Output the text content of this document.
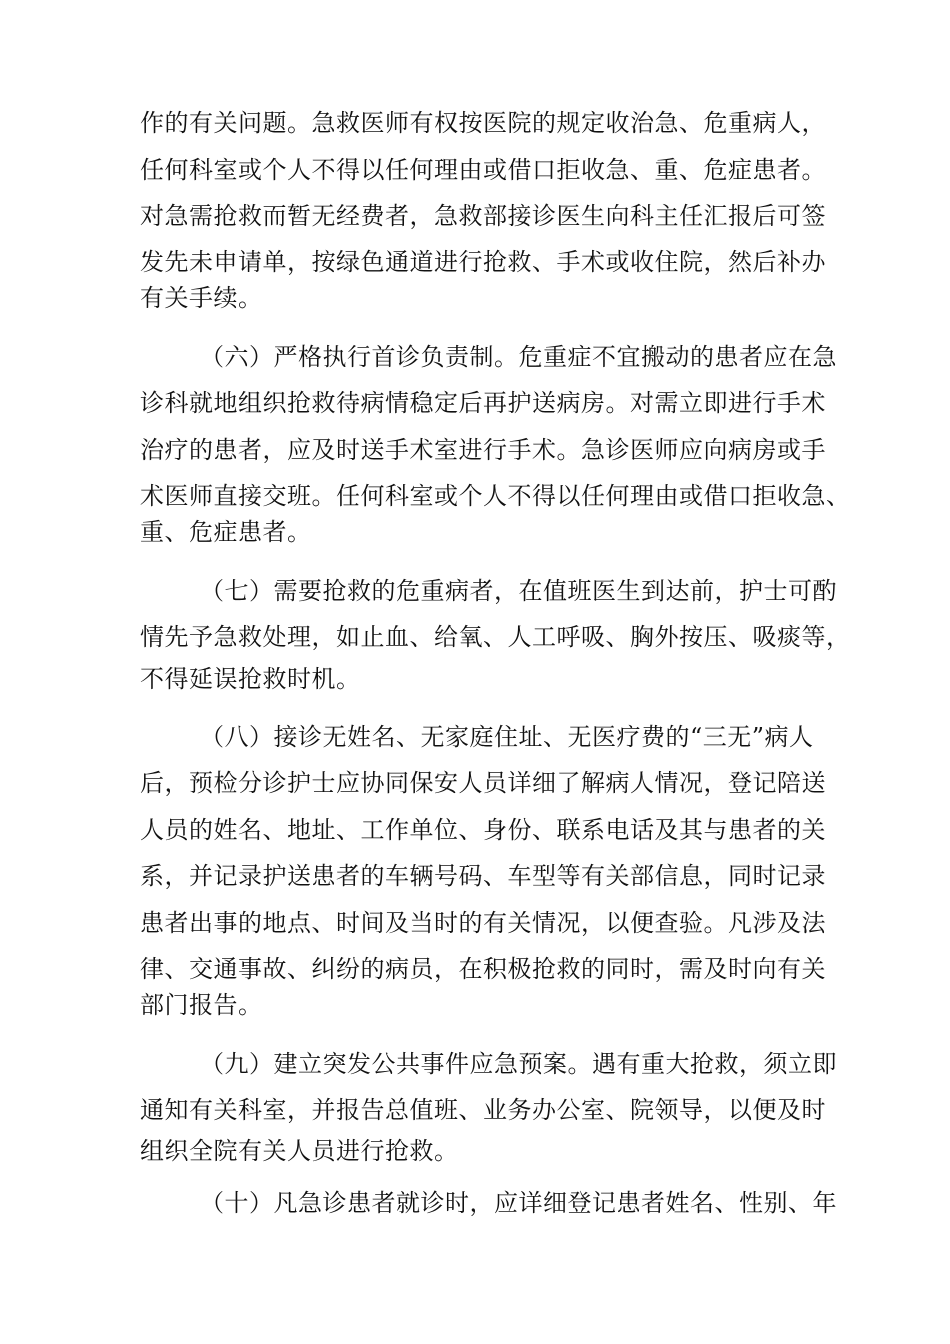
作的有关问题。急救医师有权按医院的规定收治急、危重病人，
任何科室或个人不得以任何理由或借口拒收急、重、危症患者。
对急需抢救而暂无经费者，急救部接诊医生向科主任汇报后可签
发先未申请单，按绿色通道进行抢救、手术或收住院，然后补办
有关手续。
（六）严格执行首诊负责制。危重症不宜搬动的患者应在急
诊科就地组织抢救待病情稳定后再护送病房。对需立即进行手术
治疗的患者，应及时送手术室进行手术。急诊医师应向病房或手
术医师直接交班。任何科室或个人不得以任何理由或借口拒收急、
重、危症患者。
（七）需要抢救的危重病者，在值班医生到达前，护士可酌
情先予急救处理，如止血、给氧、人工呼吸、胸外按压、吸痰等，
不得延误抢救时机。
（八）接诊无姓名、无家庭住址、无医疗费的“三无”病人
后，预检分诊护士应协同保安人员详细了解病人情况，登记陪送
人员的姓名、地址、工作单位、身份、联系电话及其与患者的关
系，并记录护送患者的车辆号码、车型等有关部信息，同时记录
患者出事的地点、时间及当时的有关情况，以便查验。凡涉及法
律、交通事故、纠纷的病员，在积极抢救的同时，需及时向有关
部门报告。
（九）建立突发公共事件应急预案。遇有重大抢救，须立即
通知有关科室，并报告总值班、业务办公室、院领导，以便及时
组织全院有关人员进行抢救。
（十）凡急诊患者就诊时，应详细登记患者姓名、性别、年
